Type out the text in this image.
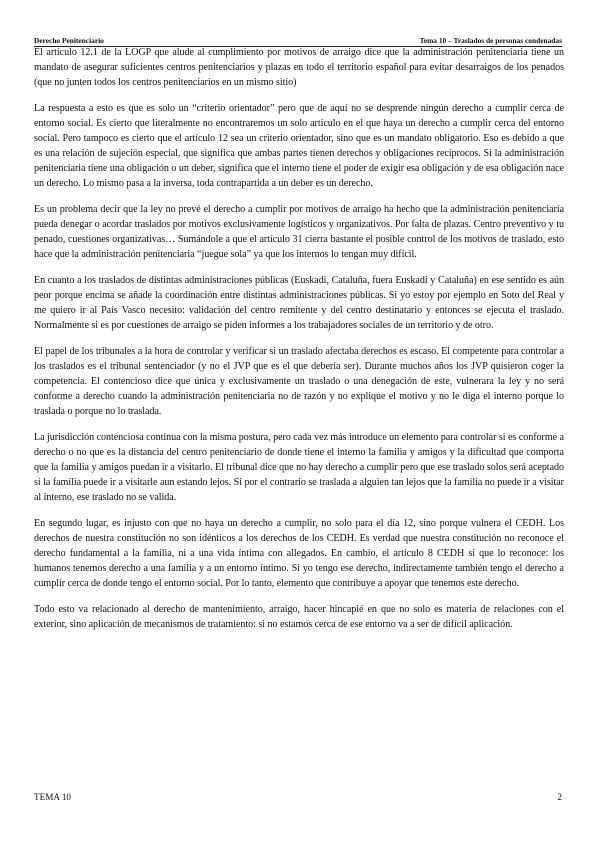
Derecho Penitenciario	Tema 10 – Traslados de personas condenadas

El artículo 12.1 de la LOGP que alude al cumplimiento por motivos de arraigo dice que la administración penitenciaria tiene un mandato de asegurar suficientes centros penitenciarios y plazas en todo el territorio español para evitar desarraigos de los penados (que no junten todos los centros penitenciarios en un mismo sitio)

La respuesta a esto es que es solo un “criterio orientador” pero que de aquí no se desprende ningún derecho a cumplir cerca de entorno social. Es cierto que literalmente no encontraremos un solo artículo en el que haya un derecho a cumplir cerca del entorno social. Pero tampoco es cierto que el artículo 12 sea un criterio orientador, sino que es un mandato obligatorio. Eso es debido a que es una relación de sujeción especial, que significa que ambas partes tienen derechos y obligaciones recíprocos. Si la administración penitenciaria tiene una obligación o un deber, significa que el interno tiene el poder de exigir esa obligación y de esa obligación nace un derecho. Lo mismo pasa a la inversa, toda contrapartida a un deber es un derecho.

Es un problema decir que la ley no prevé el derecho a cumplir por motivos de arraigo ha hecho que la administración penitenciaria pueda denegar o acordar traslados por motivos exclusivamente logísticos y organizativos. Por falta de plazas. Centro preventivo y tu penado, cuestiones organizativas… Sumándole a que el artículo 31 cierra bastante el posible control de los motivos de traslado, esto hace que la administración penitenciaria “juegue sola” ya que los internos lo tengan muy difícil.

En cuanto a los traslados de distintas administraciones públicas (Euskadi, Cataluña, fuera Euskadi y Cataluña) en ese sentido es aún peor porque encima se añade la coordinación entre distintas administraciones públicas. Si yo estoy por ejemplo en Soto del Real y me quiero ir al País Vasco necesito: validación del centro remitente y del centro destinatario y entonces se ejecuta el traslado. Normalmente si es por cuestiones de arraigo se piden informes a los trabajadores sociales de un territorio y de otro.

El papel de los tribunales a la hora de controlar y verificar si un traslado afectaba derechos es escaso. El competente para controlar a los traslados es el tribunal sentenciador (y no el JVP que es el que debería ser). Durante muchos años los JVP quisieron coger la competencia. El contencioso dice que única y exclusivamente un traslado o una denegación de este, vulnerara la ley y no será conforme a derecho cuando la administración penitenciaria no de razón y no explique el motivo y no le diga el interno porque lo traslada o porque no lo traslada.

La jurisdicción contenciosa continua con la misma postura, pero cada vez más introduce un elemento para controlar si es conforme a derecho o no que es la distancia del centro penitenciario de donde tiene el interno la familia y amigos y la dificultad que comporta que la familia y amigos puedan ir a visitarlo. El tribunal dice que no hay derecho a cumplir pero que ese traslado solos será aceptado si la familia puede ir a visitarle aun estando lejos. Si por el contrario se traslada a alguien tan lejos que la familia no puede ir a visitar al interno, ese traslado no se valida.

En segundo lugar, es injusto con que no haya un derecho a cumplir, no solo para el día 12, sino porque vulnera el CEDH. Los derechos de nuestra constitución no son idénticos a los derechos de los CEDH. Es verdad que nuestra constitución no reconoce el derecho fundamental a la familia, ni a una vida íntima con allegados. En cambio, el artículo 8 CEDH sí que lo reconoce: los humanos tenemos derecho a una familia y a un entorno íntimo. Si yo tengo ese derecho, indirectamente también tengo el derecho a cumplir cerca de donde tengo el entorno social. Por lo tanto, elemento que contribuye a apoyar que tenemos este derecho.

Todo esto va relacionado al derecho de mantenimiento, arraigo, hacer hincapié en que no solo es materia de relaciones con el exterior, sino aplicación de mecanismos de tratamiento: si no estamos cerca de ese entorno va a ser de difícil aplicación.

TEMA 10	2
